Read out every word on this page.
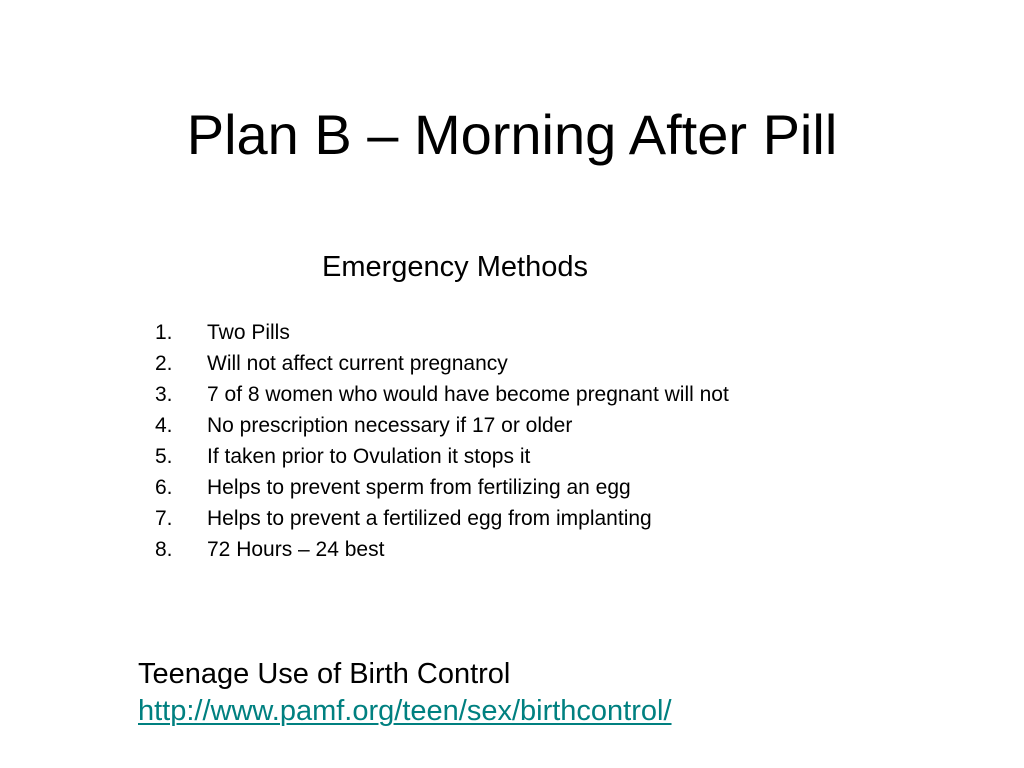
Plan B – Morning After Pill
Emergency Methods
1. Two Pills
2. Will not affect current pregnancy
3. 7 of 8 women who would have become pregnant will not
4. No prescription necessary if 17 or older
5. If taken prior to Ovulation it stops it
6. Helps to prevent sperm from fertilizing an egg
7. Helps to prevent a fertilized egg from implanting
8. 72 Hours – 24 best
Teenage Use of Birth Control
http://www.pamf.org/teen/sex/birthcontrol/
